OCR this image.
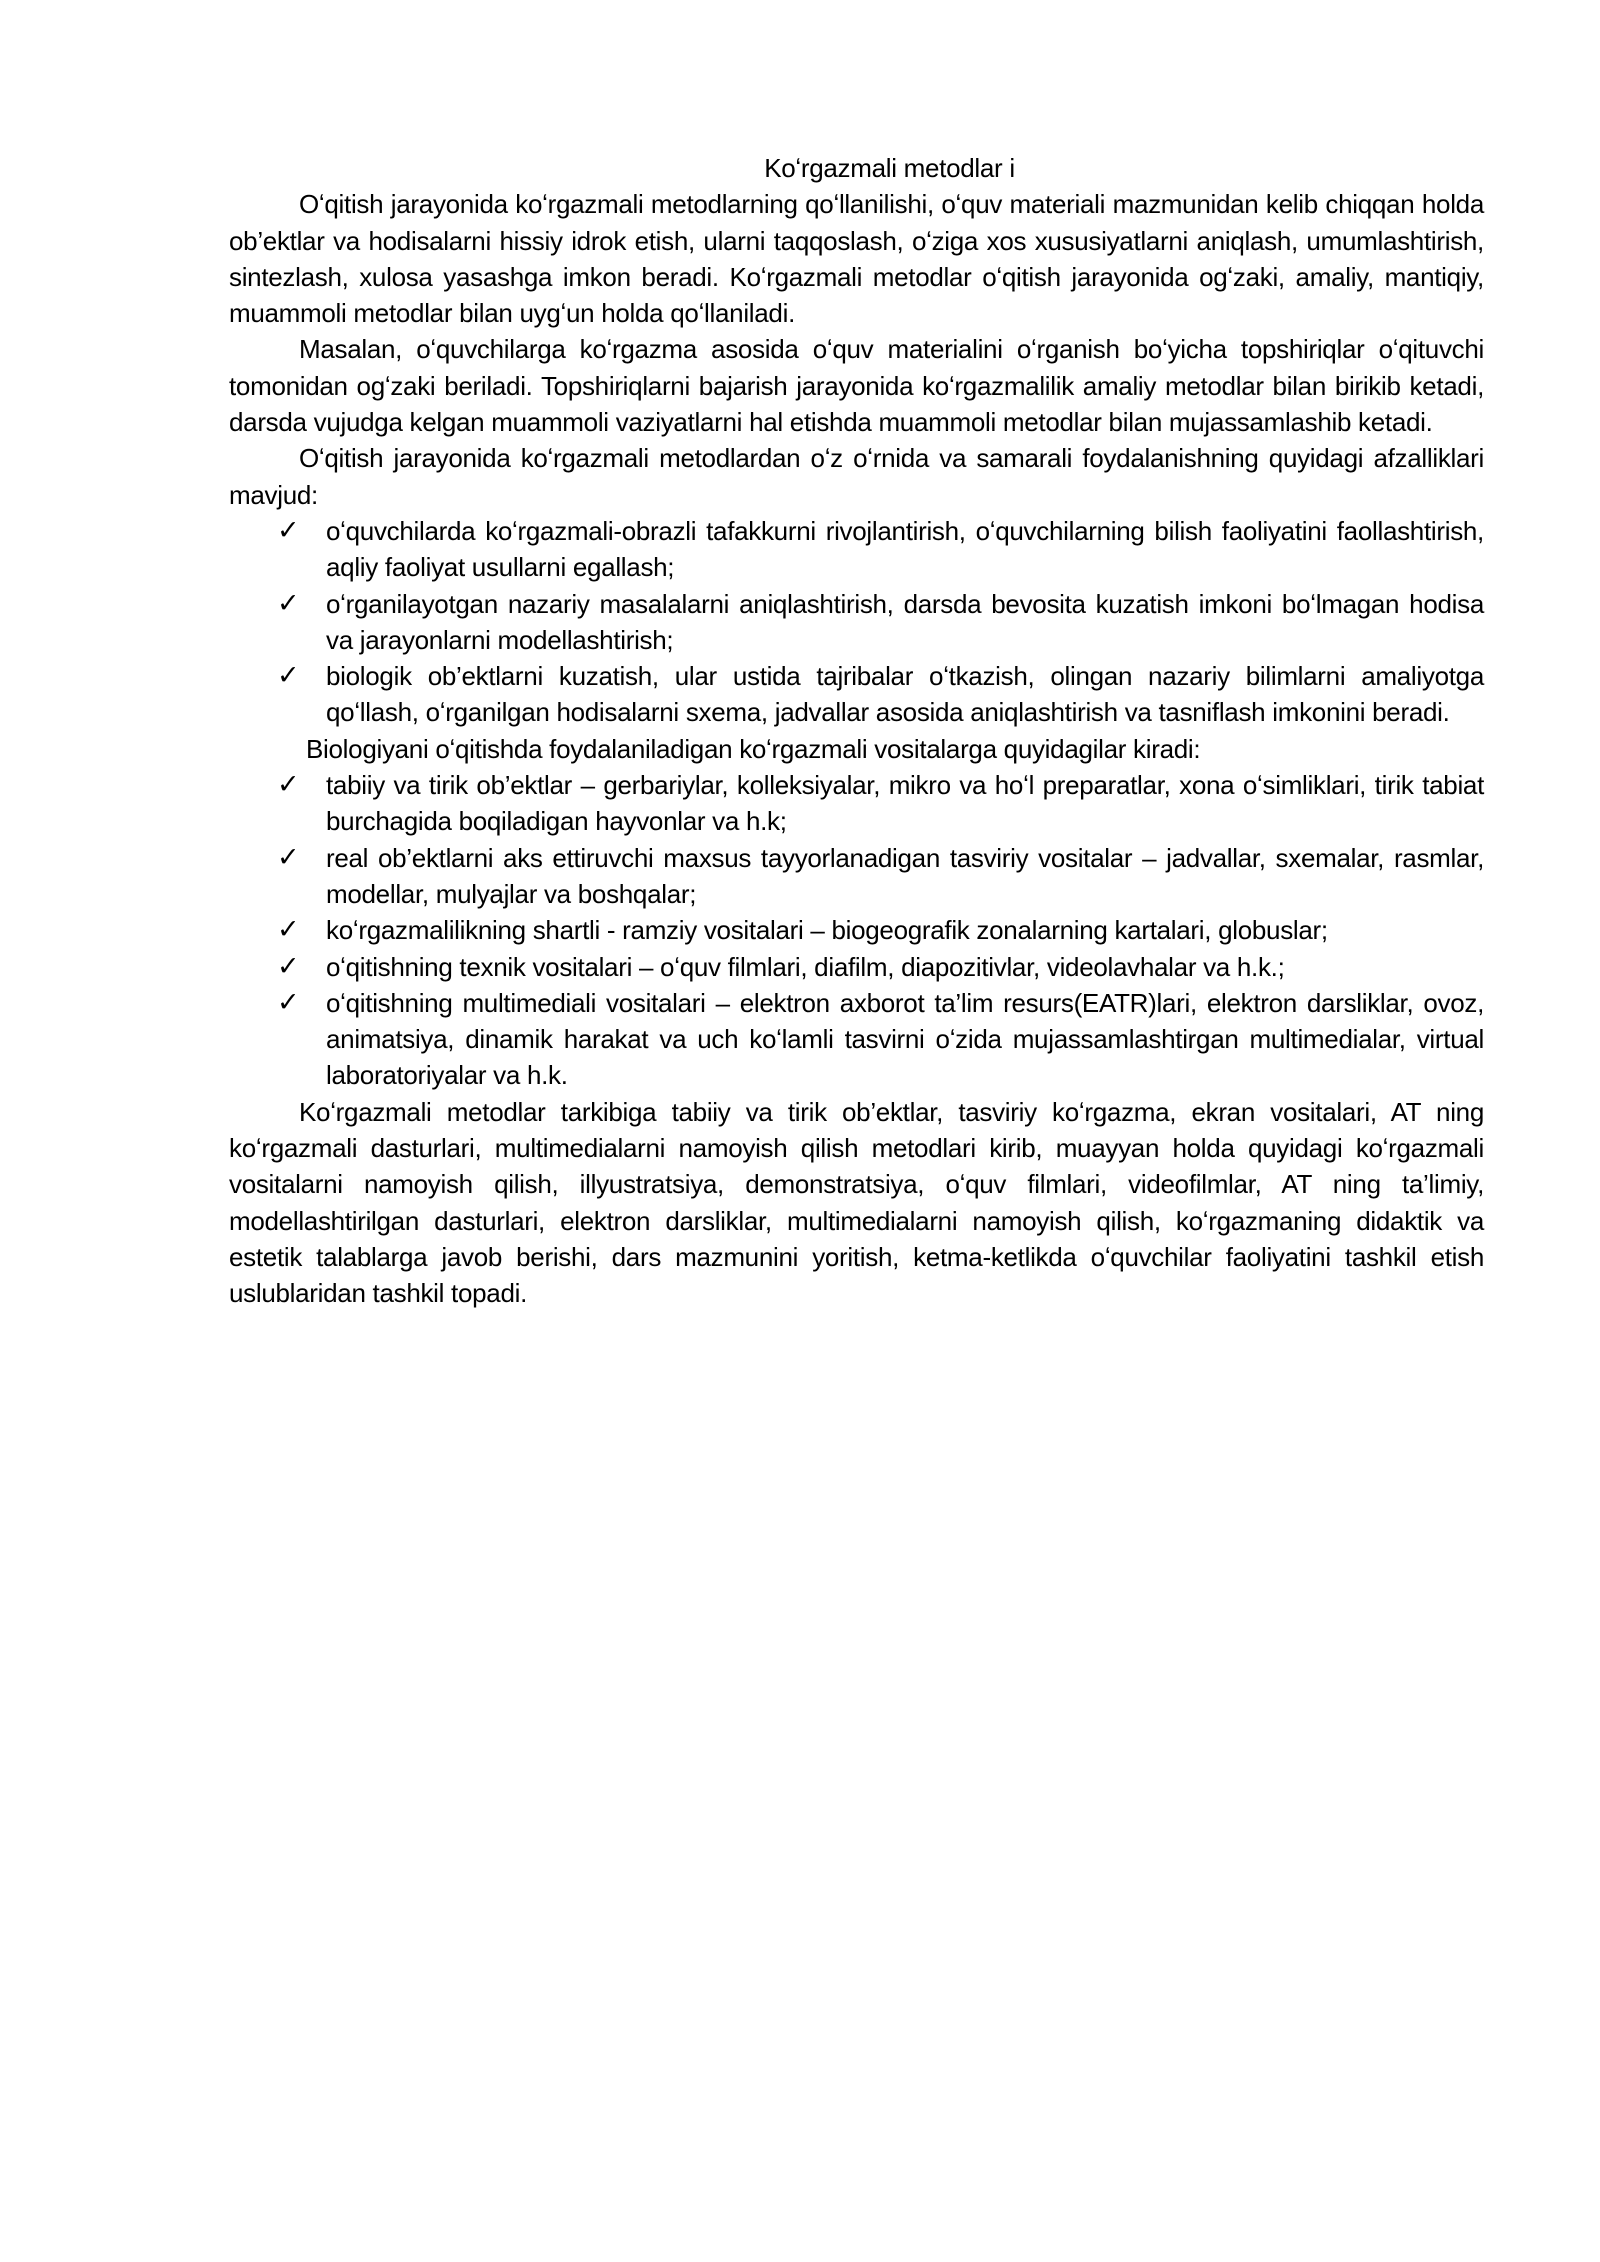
Koʻrgazmali metodlar i

Oʻqitish jarayonida koʻrgazmali metodlarning qoʻllanilishi, oʻquv materiali mazmunidan kelib chiqqan holda ob’ektlar va hodisalarni hissiy idrok etish, ularni taqqoslash, oʻziga xos xususiyatlarni aniqlash, umumlashtirish, sintezlash, xulosa yasashga imkon beradi. Koʻrgazmali metodlar oʻqitish jarayonida ogʻzaki, amaliy, mantiqiy, muammoli metodlar bilan uygʻun holda qoʻllaniladi.

Masalan, oʻquvchilarga koʻrgazma asosida oʻquv materialini oʻrganish boʻyicha topshiriqlar oʻqituvchi tomonidan ogʻzaki beriladi. Topshiriqlarni bajarish jarayonida koʻrgazmalilik amaliy metodlar bilan birikib ketadi, darsda vujudga kelgan muammoli vaziyatlarni hal etishda muammoli metodlar bilan mujassamlashib ketadi.

Oʻqitish jarayonida koʻrgazmali metodlardan oʻz oʻrnida va samarali foydalanishning quyidagi afzalliklari mavjud:

✓ oʻquvchilarda koʻrgazmali-obrazli tafakkurni rivojlantirish, oʻquvchilarning bilish faoliyatini faollashtirish, aqliy faoliyat usullarni egallash;
✓ oʻrganilayotgan nazariy masalalarni aniqlashtirish, darsda bevosita kuzatish imkoni boʻlmagan hodisa va jarayonlarni modellashtirish;
✓ biologik ob’ektlarni kuzatish, ular ustida tajribalar oʻtkazish, olingan nazariy bilimlarni amaliyotga qoʻllash, oʻrganilgan hodisalarni sxema, jadvallar asosida aniqlashtirish va tasniflash imkonini beradi.

Biologiyani oʻqitishda foydalaniladigan koʻrgazmali vositalarga quyidagilar kiradi:

✓ tabiiy va tirik ob’ektlar – gerbariylar, kolleksiyalar, mikro va hoʻl preparatlar, xona oʻsimliklari, tirik tabiat burchagida boqiladigan hayvonlar va h.k;
✓ real ob’ektlarni aks ettiruvchi maxsus tayyorlanadigan tasviriy vositalar – jadvallar, sxemalar, rasmlar, modellar, mulyajlar va boshqalar;
✓ koʻrgazmalilikning shartli - ramziy vositalari – biogeografik zonalarning kartalari, globuslar;
✓ oʻqitishning texnik vositalari – oʻquv filmlari, diafilm, diapozitivlar, videolavhalar va h.k.;
✓ oʻqitishning multimediali vositalari – elektron axborot ta’lim resurs(EATR)lari, elektron darsliklar, ovoz, animatsiya, dinamik harakat va uch koʻlamli tasvirni oʻzida mujassamlashtirgan multimedialar, virtual laboratoriyalar va h.k.

Koʻrgazmali metodlar tarkibiga tabiiy va tirik ob’ektlar, tasviriy koʻrgazma, ekran vositalari, AT ning koʻrgazmali dasturlari, multimedialarni namoyish qilish metodlari kirib, muayyan holda quyidagi koʻrgazmali vositalarni namoyish qilish, illyustratsiya, demonstratsiya, oʻquv filmlari, videofilmlar, AT ning ta’limiy, modellashtirilgan dasturlari, elektron darsliklar, multimedialarni namoyish qilish, koʻrgazmaning didaktik va estetik talablarga javob berishi, dars mazmunini yoritish, ketma-ketlikda oʻquvchilar faoliyatini tashkil etish uslublaridan tashkil topadi.
